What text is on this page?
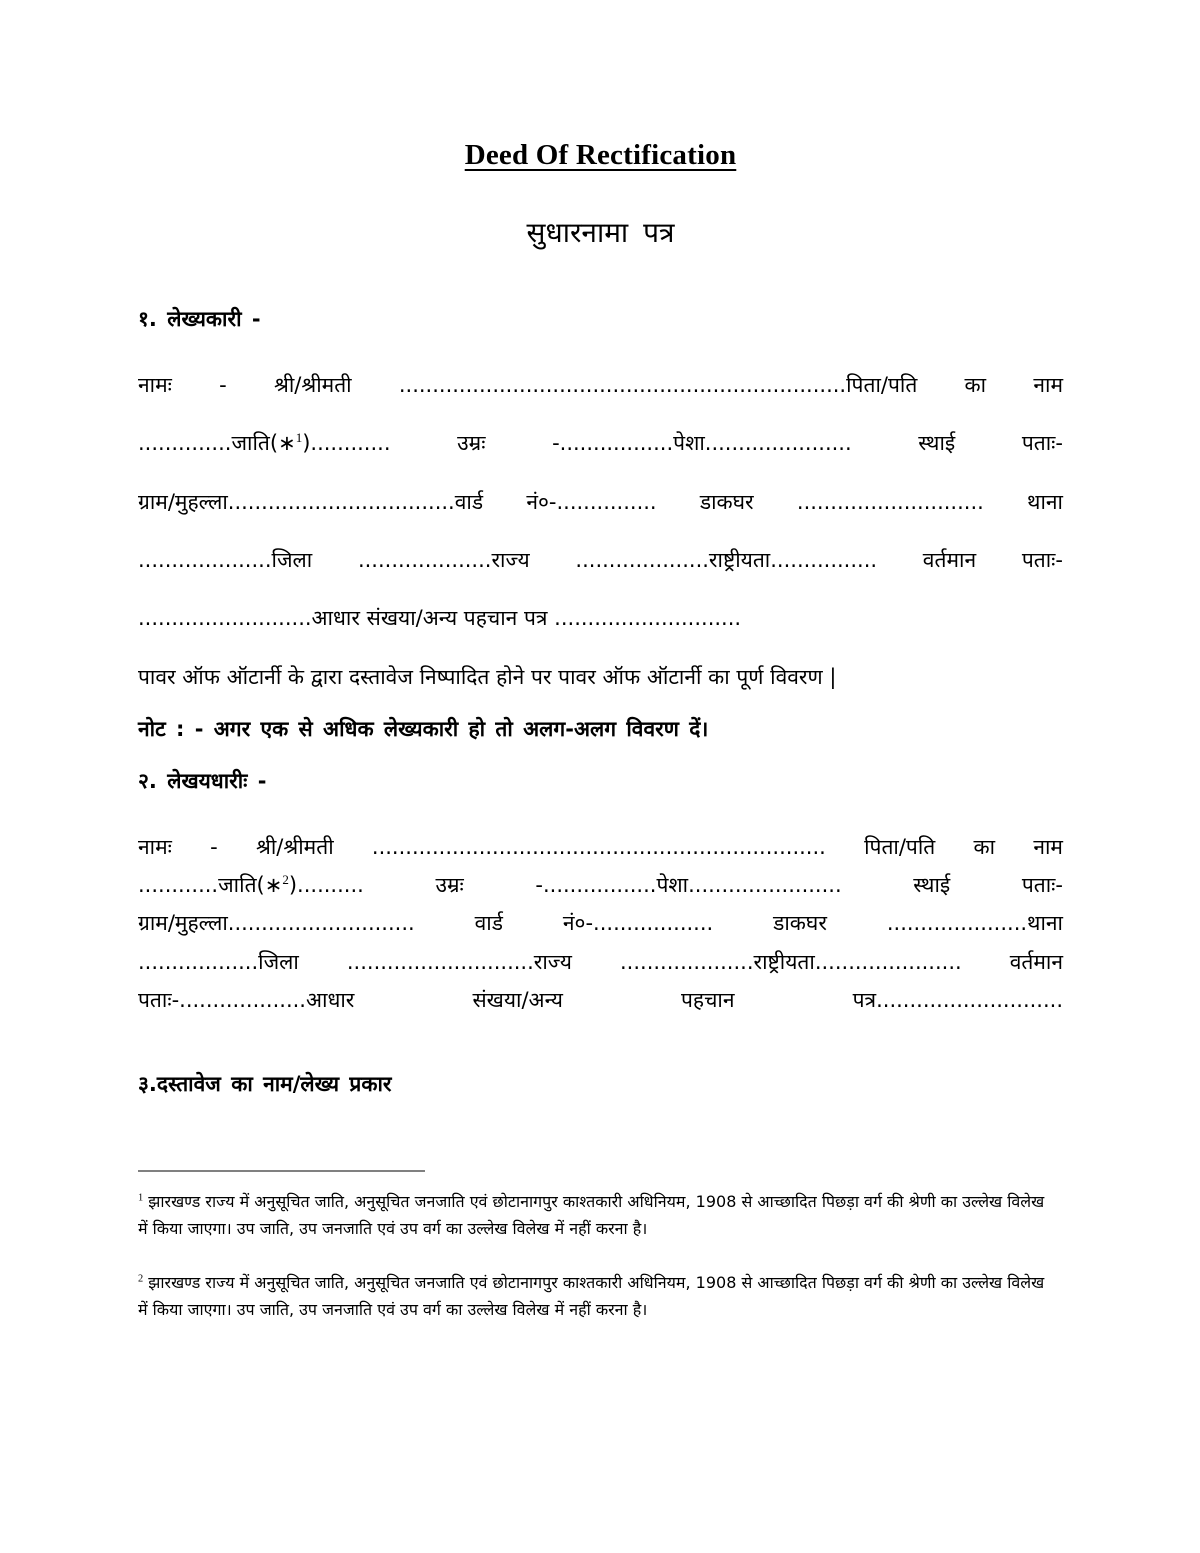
Deed Of Rectification
सुधारनामा पत्र
१. लेख्यकारी -
नामः - श्री/श्रीमती ...................................................................पिता/पति का नाम
..............जाति(∗$^1$)............ उम्रः -.................पेशा...................... स्थाई पताः-
ग्राम/मुहल्ला..................................वार्ड नं०-............... डाकघर ............................ थाना
....................जिला ....................राज्य ....................राष्ट्रीयता................ वर्तमान पताः-
..........................आधार संखया/अन्य पहचान पत्र ............................
पावर ऑफ ऑटार्नी के द्वारा दस्तावेज निष्पादित होने पर पावर ऑफ ऑटार्नी का पूर्ण विवरण |
नोट : - अगर एक से अधिक लेख्यकारी हो तो अलग-अलग विवरण दें।
२. लेखयधारीः -
नामः - श्री/श्रीमती .................................................................... पिता/पति का नाम
............जाति(∗$^2$).......... उम्रः -.................पेशा....................... स्थाई पताः-
ग्राम/मुहल्ला............................ वार्ड नं०-.................. डाकघर .....................थाना
..................जिला ............................राज्य ....................राष्ट्रीयता...................... वर्तमान
पताः-...................आधार संखया/अन्य पहचान पत्र............................
३.दस्तावेज का नाम/लेख्य प्रकार
$^1$ झारखण्ड राज्य में अनुसूचित जाति, अनुसूचित जनजाति एवं छोटानागपुर काश्तकारी अधिनियम, 1908 से आच्छादित पिछड़ा वर्ग की श्रेणी का उल्लेख विलेख में किया जाएगा। उप जाति, उप जनजाति एवं उप वर्ग का उल्लेख विलेख में नहीं करना है।
$^2$ झारखण्ड राज्य में अनुसूचित जाति, अनुसूचित जनजाति एवं छोटानागपुर काश्तकारी अधिनियम, 1908 से आच्छादित पिछड़ा वर्ग की श्रेणी का उल्लेख विलेख में किया जाएगा। उप जाति, उप जनजाति एवं उप वर्ग का उल्लेख विलेख में नहीं करना है।
